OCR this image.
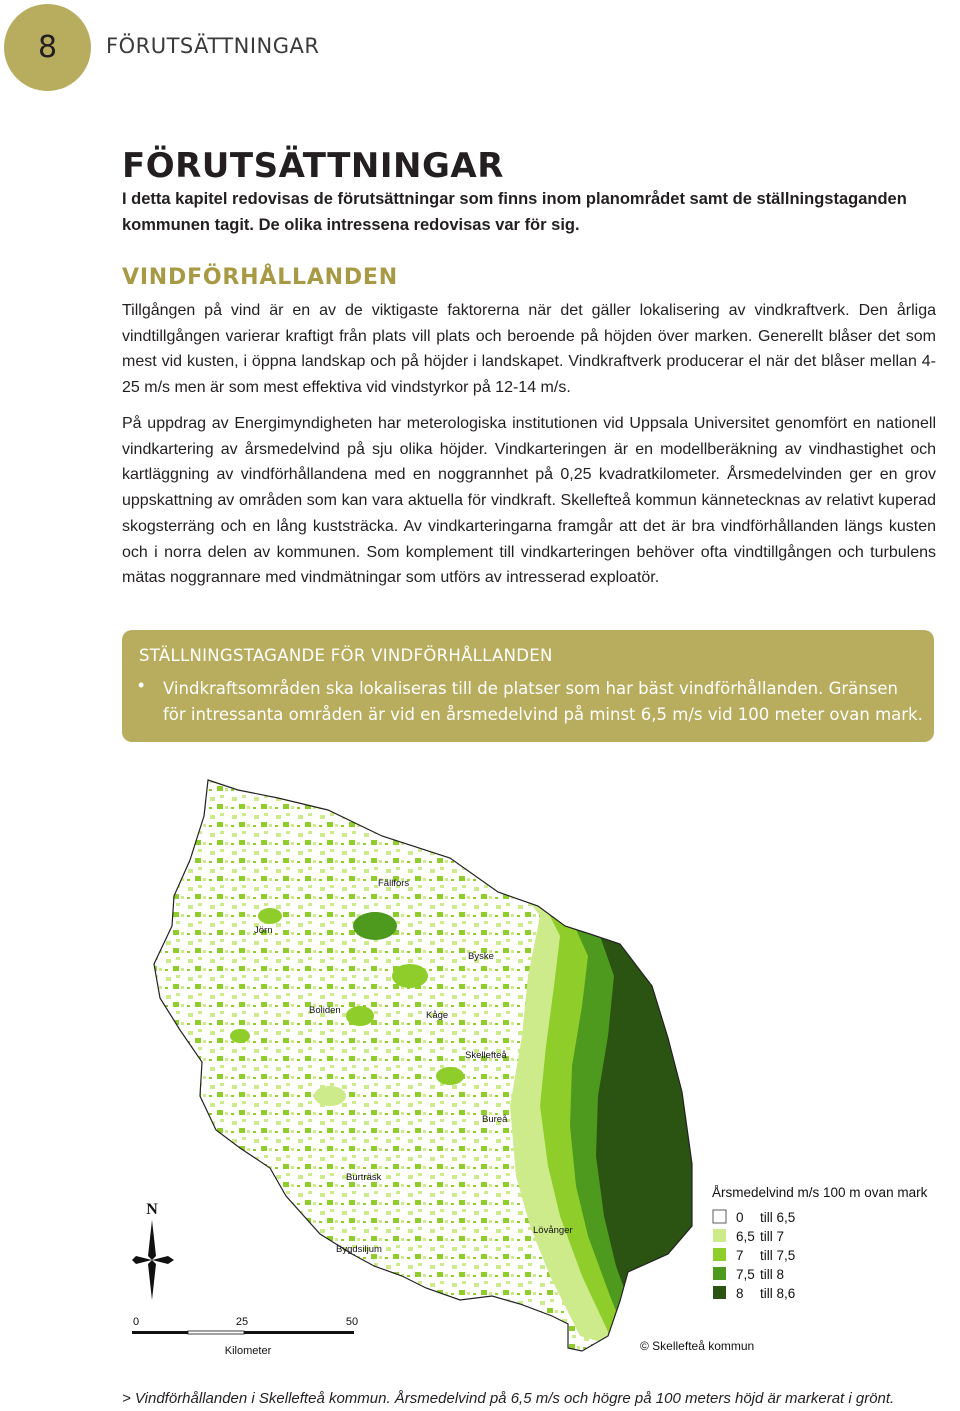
8	FÖRUTSÄTTNINGAR
FÖRUTSÄTTNINGAR

I detta kapitel redovisas de förutsättningar som finns inom planområdet samt de ställningstaganden kommunen tagit. De olika intressena redovisas var för sig.

VINDFÖRHÅLLANDEN

Tillgången på vind är en av de viktigaste faktorerna när det gäller lokalisering av vindkraftverk. Den årliga vindtillgången varierar kraftigt från plats vill plats och beroende på höjden över marken. Generellt blåser det som mest vid kusten, i öppna landskap och på höjder i landskapet. Vindkraftverk producerar el när det blåser mellan 4-25 m/s men är som mest effektiva vid vindstyrkor på 12-14 m/s.

På uppdrag av Energimyndigheten har meterologiska institutionen vid Uppsala Universitet genomfört en nationell vindkartering av årsmedelvind på sju olika höjder. Vindkarteringen är en modellberäkning av vindhastighet och kartläggning av vindförhållandena med en noggrannhet på 0,25 kvadratkilometer. Årsmedelvinden ger en grov uppskattning av områden som kan vara aktuella för vindkraft. Skellefteå kommun kännetecknas av relativt kuperad skogsterräng och en lång kuststräcka. Av vindkarteringarna framgår att det är bra vindförhållanden längs kusten och i norra delen av kommunen. Som komplement till vindkarteringen behöver ofta vindtillgången och turbulens mätas noggrannare med vindmätningar som utförs av intresserad exploatör.

STÄLLNINGSTAGANDE FÖR VINDFÖRHÅLLANDEN

• Vindkraftsområden ska lokaliseras till de platser som har bäst vindförhållanden. Gränsen för intressanta områden är vid en årsmedelvind på minst 6,5 m/s vid 100 meter ovan mark.

Fällfors
Jörn
Byske
Boliden	Kåge
Skellefteå
Bureå
Burträsk
Lövånger
Bygdsiljum
N
0	25	50
Kilometer
Årsmedelvind m/s 100 m ovan mark
0 till 6,5
6,5 till 7
7 till 7,5
7,5 till 8
8 till 8,6
© Skellefteå kommun

> Vindförhållanden i Skellefteå kommun. Årsmedelvind på 6,5 m/s och högre på 100 meters höjd är markerat i grönt.
